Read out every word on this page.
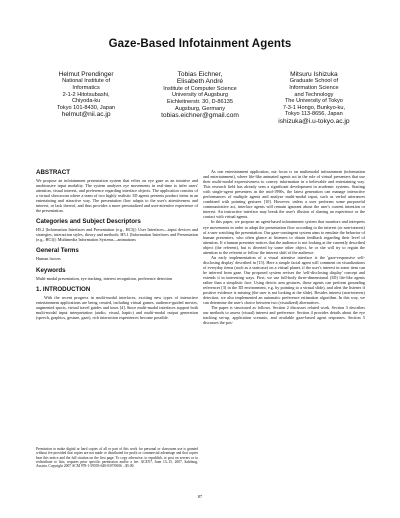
Gaze-Based Infotainment Agents
Helmut Prendinger
National Institute of
Informatics
2-1-2 Hitotsubashi,
Chiyoda-ku
Tokyo 101-8430, Japan
helmut@nii.ac.jp
Tobias Eichner,
Elisabeth André
Institute of Computer Science
University of Augsburg
Eichleitnerstr. 30, D-86135
Augsburg, Germany
tobias.eichner@gmail.com
Mitsuru Ishizuka
Graduate School of
Information Science
and Technology
The University of Tokyo
7-3-1 Hongo, Bunkyo-ku,
Tokyo 113-8656, Japan
ishizuka@i.u-tokyo.ac.jp
ABSTRACT

We propose an infotainment presentation system that relies on eye gaze as an intuitive and unobtrusive input modality. The system analyzes eye movements in real-time to infer users' attention, visual interest, and preference regarding interface objects. The application consists of a virtual showroom where a team of two highly realistic 3D agents presents product items in an entertaining and attractive way. The presentation flow adapts to the user's attentiveness and interest, or lack thereof, and thus provides a more personalized and user-attentive experience of the presentation.

Categories and Subject Descriptors

H5.2 [Information Interfaces and Presentation (e.g., HCI)]: User Interfaces—input devices and strategies, interaction styles, theory and methods; H5.1 [Information Interfaces and Presentation (e.g., HCI)]: Multimedia Information Systems—animations

General Terms

Human factors

Keywords

Multi-modal presentation, eye tracking, interest recognition, preference detection

1. INTRODUCTION

With the recent progress in multi-modal interfaces, exciting new types of interactive entertainment applications are being created, including virtual games, audience-guided movies, augmented sports, virtual travel guides and tours [4]. Since multi-modal interfaces support both multi-modal input interpretation (audio, visual, haptic) and multi-modal output generation (speech, graphics, gesture, gaze), rich interaction experiences become possible.

Permission to make digital or hard copies of all or part of this work for personal or classroom use is granted without fee provided that copies are not made or distributed for profit or commercial advantage and that copies bear this notice and the full citation on the first page. To copy otherwise, to republish, to post on servers or to redistribute to lists, requires prior specific permission and/or a fee. ACE'07, June 13–15, 2007, Salzburg, Austria. Copyright 2007 ACM 978-1-59593-640-0/07/0006 ...$5.00.

As one entertainment application, our focus is on multimodal infotainment (information and entertainment), where life-like animated agents act in the role of virtual presenters that use their multi-modal expressiveness to convey information in a believable and entertaining way. This research field has already seen a significant development in academic systems. Starting with single-agent presenters in the mid-1990s, the latest generation can manage interactive performances of multiple agents and analyze multi-modal input, such as verbal utterances combined with pointing gestures [10]. However, unless a user performs some purposeful communicative act, interface agents will remain ignorant about the user's current intention or interest. An instructive interface may break the user's illusion of sharing an experience or the contact with virtual agents.

In this paper, we propose an agent-based infotainment system that monitors and interprets eye movements in order to adapt the presentation flow according to the interest (or non-interest) of a user watching the presentation. Our gaze-contingent system aims to emulate the behavior of human presenters, who often glance at listeners to obtain feedback regarding their level of attention. If a human presenter notices that the audience is not looking at the currently described object (the referent), but is diverted by some other object, he or she will try to regain the attention to the referent or follow the interest shift of the audience.

An early implementation of a visual attentive interface is the 'gaze-responsive self-disclosing display' described in [15]. Here a simple facial agent will comment on visualizations of everyday items (such as a staircase) on a virtual planet, if the user's interest in some item can be inferred from gaze. Our proposed system revises the 'self-disclosing display' concept and extends it in interesting ways. First, we use full-body three-dimensional (3D) life-like agents rather than a simplistic face. Using deictic arm gestures, those agents can perform grounding references [3] in the 3D environment, e.g. by pointing to a virtual slide), and alert the listener if positive evidence is missing (the user is not looking at the slide). Besides interest (non-interest) detection, we also implemented an automatic preference estimation algorithm. In this way, we can determine the user's choice between two (visualized) alternatives.

The paper is structured as follows. Section 2 discusses related work. Section 3 describes our methods to assess (visual) interest and preference. Section 4 provides details about the eye tracking set-up, application scenario, and available gaze-based agent responses. Section 5 discusses the pos-

87
